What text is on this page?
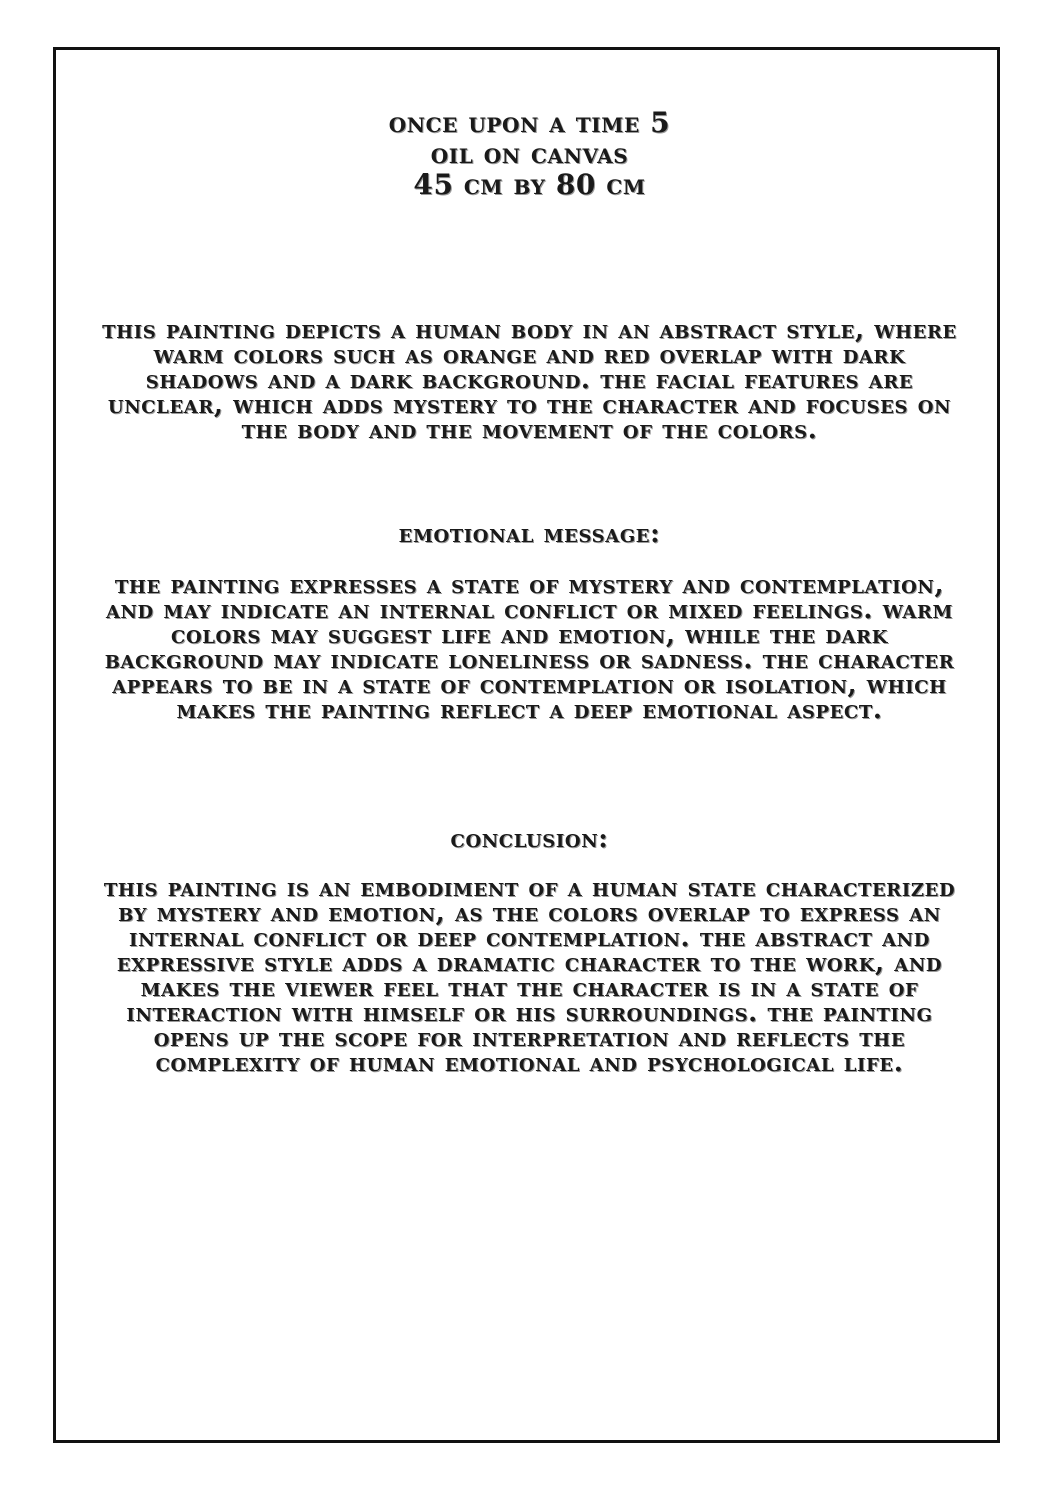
once upon a time 5
oil on canvas
45 cm by 80 cm
this painting depicts a human body in an abstract style, where warm colors such as orange and red overlap with dark shadows and a dark background. the facial features are unclear, which adds mystery to the character and focuses on the body and the movement of the colors.
emotional message:
the painting expresses a state of mystery and contemplation, and may indicate an internal conflict or mixed feelings. warm colors may suggest life and emotion, while the dark background may indicate loneliness or sadness. the character appears to be in a state of contemplation or isolation, which makes the painting reflect a deep emotional aspect.
conclusion:
this painting is an embodiment of a human state characterized by mystery and emotion, as the colors overlap to express an internal conflict or deep contemplation. the abstract and expressive style adds a dramatic character to the work, and makes the viewer feel that the character is in a state of interaction with himself or his surroundings. the painting opens up the scope for interpretation and reflects the complexity of human emotional and psychological life.
